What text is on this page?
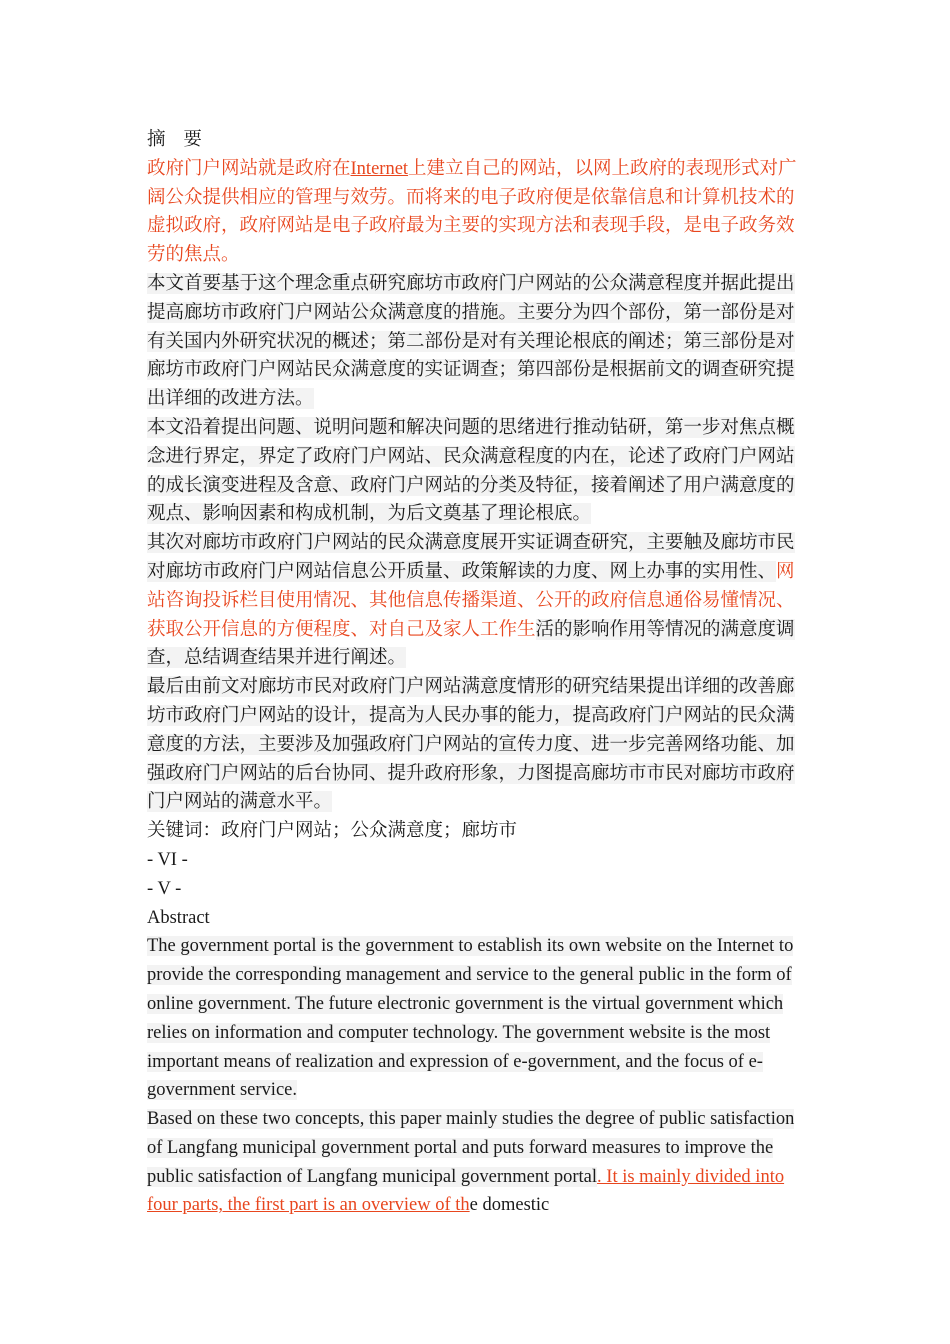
摘 要

政府门户网站就是政府在Internet上建立自己的网站，以网上政府的表现形式对广阔公众提供相应的管理与效劳。而将来的电子政府便是依靠信息和计算机技术的虚拟政府，政府网站是电子政府最为主要的实现方法和表现手段，是电子政务效劳的焦点。

本文首要基于这个理念重点研究廊坊市政府门户网站的公众满意程度并据此提出提高廊坊市政府门户网站公众满意度的措施。主要分为四个部份，第一部份是对有关国内外研究状况的概述；第二部份是对有关理论根底的阐述；第三部份是对廊坊市政府门户网站民众满意度的实证调查；第四部份是根据前文的调查研究提出详细的改进方法。

本文沿着提出问题、说明问题和解决问题的思绪进行推动钻研，第一步对焦点概念进行界定，界定了政府门户网站、民众满意程度的内在，论述了政府门户网站的成长演变进程及含意、政府门户网站的分类及特征，接着阐述了用户满意度的观点、影响因素和构成机制，为后文奠基了理论根底。

其次对廊坊市政府门户网站的民众满意度展开实证调查研究，主要触及廊坊市民对廊坊市政府门户网站信息公开质量、政策解读的力度、网上办事的实用性、网站咨询投诉栏目使用情况、其他信息传播渠道、公开的政府信息通俗易懂情况、获取公开信息的方便程度、对自己及家人工作生活的影响作用等情况的满意度调查，总结调查结果并进行阐述。

最后由前文对廊坊市民对政府门户网站满意度情形的研究结果提出详细的改善廊坊市政府门户网站的设计，提高为人民办事的能力，提高政府门户网站的民众满意度的方法，主要涉及加强政府门户网站的宣传力度、进一步完善网络功能、加强政府门户网站的后台协同、提升政府形象，力图提高廊坊市市民对廊坊市政府门户网站的满意水平。

关键词：政府门户网站；公众满意度；廊坊市

- VI -

- V -

Abstract

The government portal is the government to establish its own website on the Internet to provide the corresponding management and service to the general public in the form of online government. The future electronic government is the virtual government which relies on information and computer technology. The government website is the most important means of realization and expression of e-government, and the focus of e-government service.

Based on these two concepts, this paper mainly studies the degree of public satisfaction of Langfang municipal government portal and puts forward measures to improve the public satisfaction of Langfang municipal government portal. It is mainly divided into four parts, the first part is an overview of the domestic
